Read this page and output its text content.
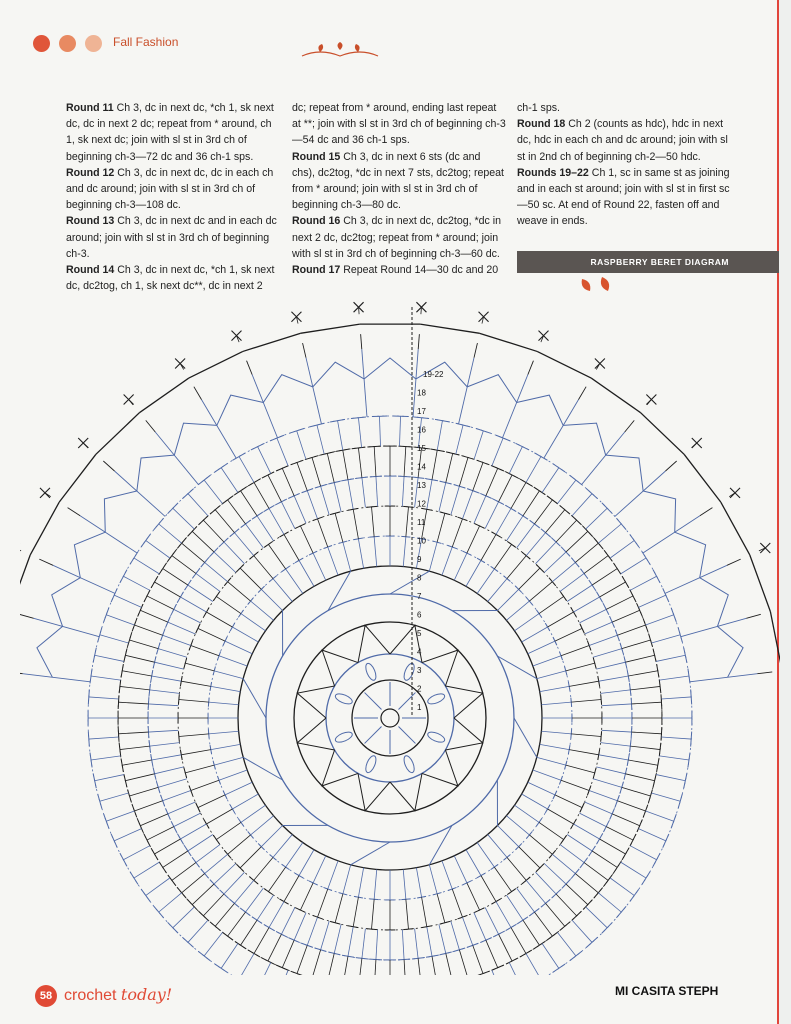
Fall Fashion

Round 11 Ch 3, dc in next dc, *ch 1, sk next dc, dc in next 2 dc; repeat from * around, ch 1, sk next dc; join with sl st in 3rd ch of beginning ch-3—72 dc and 36 ch-1 sps.

Round 12 Ch 3, dc in next dc, dc in each ch and dc around; join with sl st in 3rd ch of beginning ch-3—108 dc.

Round 13 Ch 3, dc in next dc and in each dc around; join with sl st in 3rd ch of beginning ch-3.

Round 14 Ch 3, dc in next dc, *ch 1, sk next dc, dc2tog, ch 1, sk next dc**, dc in next 2

dc; repeat from * around, ending last repeat at **; join with sl st in 3rd ch of beginning ch-3—54 dc and 36 ch-1 sps.

Round 15 Ch 3, dc in next 6 sts (dc and chs), dc2tog, *dc in next 7 sts, dc2tog; repeat from * around; join with sl st in 3rd ch of beginning ch-3—80 dc.

Round 16 Ch 3, dc in next dc, dc2tog, *dc in next 2 dc, dc2tog; repeat from * around; join with sl st in 3rd ch of beginning ch-3—60 dc.

Round 17 Repeat Round 14—30 dc and 20

ch-1 sps.

Round 18 Ch 2 (counts as hdc), hdc in next dc, hdc in each ch and dc around; join with sl st in 2nd ch of beginning ch-2—50 hdc.

Rounds 19–22 Ch 1, sc in same st as joining and in each st around; join with sl st in first sc—50 sc. At end of Round 22, fasten off and weave in ends.

RASPBERRY BERET DIAGRAM
1
2
3
4
5
6
7
8
9
10
11
12
13
14
15
16
17
18
19-22
58 crochet today!	MI CASITA STEPH
